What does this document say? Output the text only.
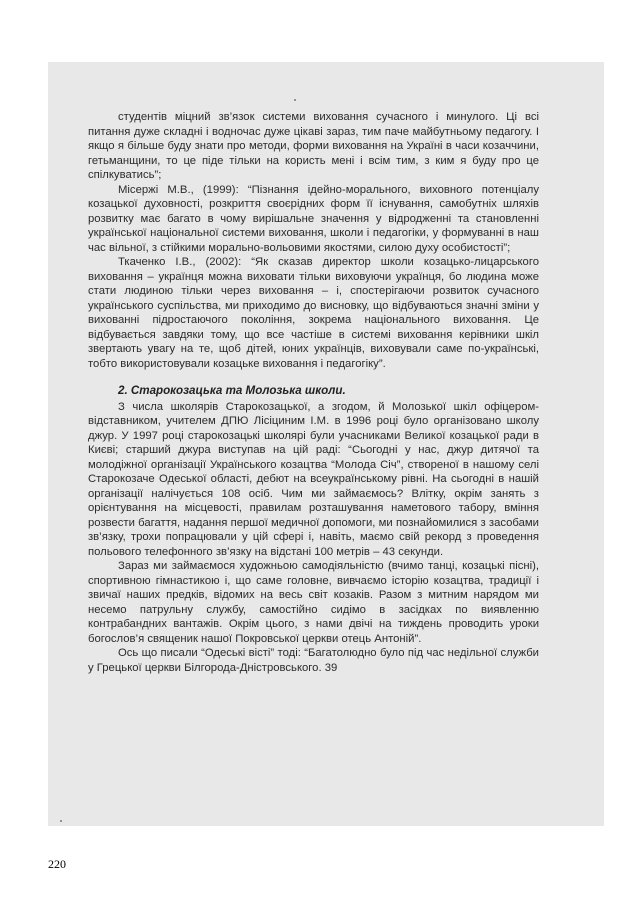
студентів міцний зв’язок системи виховання сучасного і минулого. Ці всі питання дуже складні і водночас дуже цікаві зараз, тим паче майбутньому педагогу. І якщо я більше буду знати про методи, форми виховання на Україні в часи козаччини, гетьманщини, то це піде тільки на користь мені і всім тим, з ким я буду про це спілкуватись”;

Місержі М.В., (1999): “Пізнання ідейно-морального, виховного потенціалу козацької духовності, розкриття своєрідних форм її існування, самобутніх шляхів розвитку має багато в чому вирішальне значення у відродженні та становленні української національної системи виховання, школи і педагогіки, у формуванні в наш час вільної, з стійкими морально-вольовими якостями, силою духу особистості”;

Ткаченко І.В., (2002): “Як сказав директор школи козацько-лицарського виховання – українця можна виховати тільки виховуючи українця, бо людина може стати людиною тільки через виховання – і, спостерігаючи розвиток сучасного українського суспільства, ми приходимо до висновку, що відбуваються значні зміни у вихованні підростаючого покоління, зокрема національного виховання. Це відбувається завдяки тому, що все частіше в системі виховання керівники шкіл звертають увагу на те, щоб дітей, юних українців, виховували саме по-українські, тобто використовували козацьке виховання і педагогіку”.

2. Старокозацька та Молозька школи.

З числа школярів Старокозацької, а згодом, й Молозької шкіл офіцером-відставником, учителем ДПЮ Лісіциним І.М. в 1996 році було організовано школу джур. У 1997 році старокозацькі школярі були учасниками Великої козацької ради в Києві; старший джура виступав на цій раді: “Сьогодні у нас, джур дитячої та молодіжної організації Українського козацтва “Молода Січ”, створеної в нашому селі Старокозаче Одеської області, дебют на всеукраїнському рівні. На сьогодні в нашій організації налічується 108 осіб. Чим ми займаємось? Влітку, окрім занять з орієнтування на місцевості, правилам розташування наметового табору, вміння розвести багаття, надання першої медичної допомоги, ми познайомилися з засобами зв’язку, трохи попрацювали у цій сфері і, навіть, маємо свій рекорд з проведення польового телефонного зв’язку на відстані 100 метрів – 43 секунди.

Зараз ми займаємося художньою самодіяльністю (вчимо танці, козацькі пісні), спортивною гімнастикою і, що саме головне, вивчаємо історію козацтва, традиції і звичаї наших предків, відомих на весь світ козаків. Разом з митним нарядом ми несемо патрульну службу, самостійно сидімо в засідках по виявленню контрабандних вантажів. Окрім цього, з нами двічі на тиждень проводить уроки богослов’я священик нашої Покровської церкви отець Антоній”.

Ось що писали “Одеські вісті” тоді: “Багатолюдно було під час недільної служби у Грецької церкви Білгорода-Дністровського. 39

220
